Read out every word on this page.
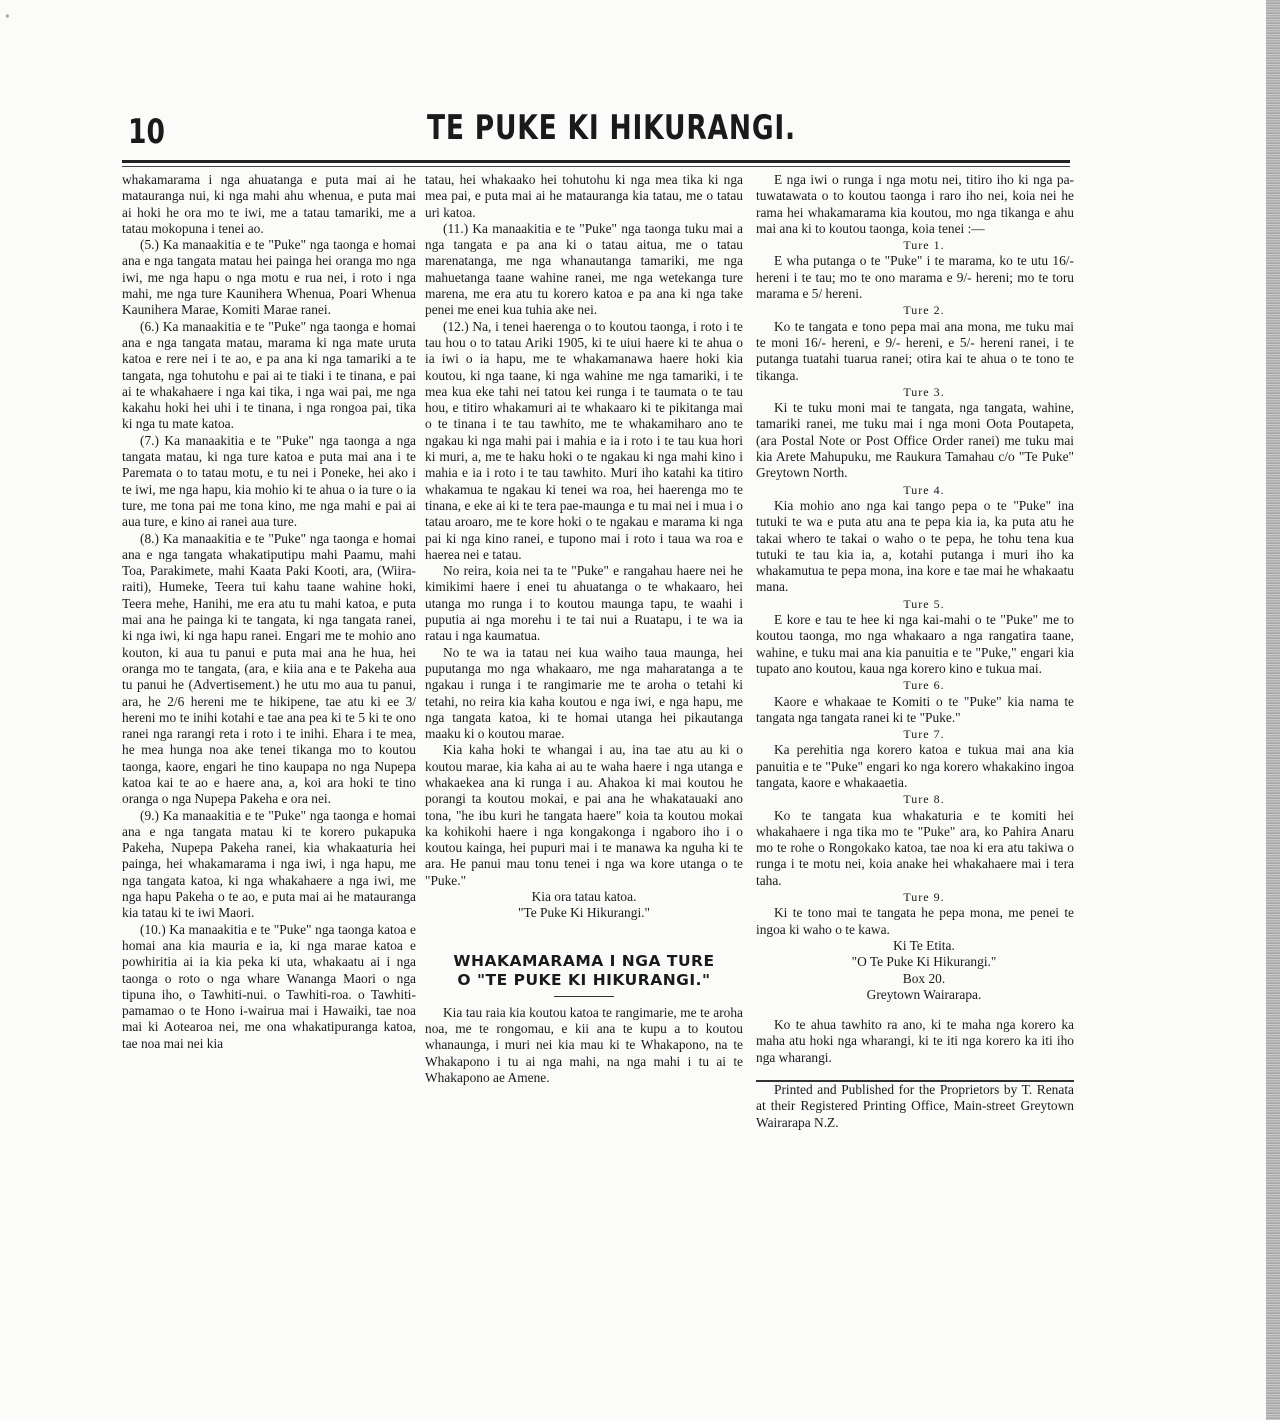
10	TE PUKE KI HIKURANGI.

whakamarama i nga ahuatanga e puta mai ai he matauranga nui, ki nga mahi ahu whenua, e puta mai ai hoki he ora mo te iwi, me a tatau tamariki, me a tatau mokopuna i tenei ao.

(5.) Ka manaakitia e te "Puke" nga taonga e homai ana e nga tangata matau hei painga hei oranga mo nga iwi, me nga hapu o nga motu e rua nei, i roto i nga mahi, me nga ture Kaunihera Whenua, Poari Whenua Kaunihera Marae, Komiti Marae ranei.

(6.) Ka manaakitia e te "Puke" nga taonga e homai ana e nga tangata matau, marama ki nga mate uruta katoa e rere nei i te ao, e pa ana ki nga tamariki a te tangata, nga tohutohu e pai ai te tiaki i te tinana, e pai ai te whakahaere i nga kai tika, i nga wai pai, me nga kakahu hoki hei uhi i te tinana, i nga rongoa pai, tika ki nga tu mate katoa.

(7.) Ka manaakitia e te "Puke" nga taonga a nga tangata matau, ki nga ture katoa e puta mai ana i te Paremata o to tatau motu, e tu nei i Poneke, hei ako i te iwi, me nga hapu, kia mohio ki te ahua o ia ture o ia ture, me tona pai me tona kino, me nga mahi e pai ai aua ture, e kino ai ranei aua ture.

(8.) Ka manaakitia e te "Puke" nga taonga e homai ana e nga tangata whakatiputipu mahi Paamu, mahi Toa, Parakimete, mahi Kaata Paki Kooti, ara, (Wiira-raiti), Humeke, Teera tui kahu taane wahine hoki, Teera mehe, Hanihi, me era atu tu mahi katoa, e puta mai ana he painga ki te tangata, ki nga tangata ranei, ki nga iwi, ki nga hapu ranei. Engari me te mohio ano kouton, ki aua tu panui e puta mai ana he hua, hei oranga mo te tangata, (ara, e kiia ana e te Pakeha aua tu panui he (Advertisement.) he utu mo aua tu panui, ara, he 2/6 hereni me te hikipene, tae atu ki ee 3/ hereni mo te inihi kotahi e tae ana pea ki te 5 ki te ono ranei nga rarangi reta i roto i te inihi. Ehara i te mea, he mea hunga noa ake tenei tikanga mo to koutou taonga, kaore, engari he tino kaupapa no nga Nupepa katoa kai te ao e haere ana, a, koi ara hoki te tino oranga o nga Nupepa Pakeha e ora nei.

(9.) Ka manaakitia e te "Puke" nga taonga e homai ana e nga tangata matau ki te korero pukapuka Pakeha, Nupepa Pakeha ranei, kia whakaaturia hei painga, hei whakamarama i nga iwi, i nga hapu, me nga tangata katoa, ki nga whakahaere a nga iwi, me nga hapu Pakeha o te ao, e puta mai ai he matauranga kia tatau ki te iwi Maori.

(10.) Ka manaakitia e te "Puke" nga taonga katoa e homai ana kia mauria e ia, ki nga marae katoa e powhiritia ai ia kia peka ki uta, whakaatu ai i nga taonga o roto o nga whare Wananga Maori o nga tipuna iho, o Tawhiti-nui. o Tawhiti-roa. o Tawhiti-pamamao o te Hono i-wairua mai i Hawaiki, tae noa mai ki Aotearoa nei, me ona whakatipuranga katoa, tae noa mai nei kia

tatau, hei whakaako hei tohutohu ki nga mea tika ki nga mea pai, e puta mai ai he matauranga kia tatau, me o tatau uri katoa.

(11.) Ka manaakitia e te "Puke" nga taonga tuku mai a nga tangata e pa ana ki o tatau aitua, me o tatau marenatanga, me nga whanautanga tamariki, me nga mahuetanga taane wahine ranei, me nga wetekanga ture marena, me era atu tu korero katoa e pa ana ki nga take penei me enei kua tuhia ake nei.

(12.) Na, i tenei haerenga o to koutou taonga, i roto i te tau hou o to tatau Ariki 1905, ki te uiui haere ki te ahua o ia iwi o ia hapu, me te whakamanawa haere hoki kia koutou, ki nga taane, ki nga wahine me nga tamariki, i te mea kua eke tahi nei tatou kei runga i te taumata o te tau hou, e titiro whakamuri ai te whakaaro ki te pikitanga mai o te tinana i te tau tawhito, me te whakamiharo ano te ngakau ki nga mahi pai i mahia e ia i roto i te tau kua hori ki muri, a, me te haku hoki o te ngakau ki nga mahi kino i mahia e ia i roto i te tau tawhito. Muri iho katahi ka titiro whakamua te ngakau ki tenei wa roa, hei haerenga mo te tinana, e eke ai ki te tera pae-maunga e tu mai nei i mua i o tatau aroaro, me te kore hoki o te ngakau e marama ki nga pai ki nga kino ranei, e tupono mai i roto i taua wa roa e haerea nei e tatau.

No reira, koia nei ta te "Puke" e rangahau haere nei he kimikimi haere i enei tu ahuatanga o te whakaaro, hei utanga mo runga i to koutou maunga tapu, te waahi i puputia ai nga morehu i te tai nui a Ruatapu, i te wa ia ratau i nga kaumatua.

No te wa ia tatau nei kua waiho taua maunga, hei puputanga mo nga whakaaro, me nga maharatanga a te ngakau i runga i te rangimarie me te aroha o tetahi ki tetahi, no reira kia kaha koutou e nga iwi, e nga hapu, me nga tangata katoa, ki te homai utanga hei pikautanga maaku ki o koutou marae.

Kia kaha hoki te whangai i au, ina tae atu au ki o koutou marae, kia kaha ai au te waha haere i nga utanga e whakaekea ana ki runga i au. Ahakoa ki mai koutou he porangi ta koutou mokai, e pai ana he whakatauaki ano tona, "he ibu kuri he tangata haere" koia ta koutou mokai ka kohikohi haere i nga kongakonga i ngaboro iho i o koutou kainga, hei pupuri mai i te manawa ka nguha ki te ara. He panui mau tonu tenei i nga wa kore utanga o te "Puke."

Kia ora tatau katoa.

"Te Puke Ki Hikurangi."

WHAKAMARAMA I NGA TURE
O "TE PUKE KI HIKURANGI."

Kia tau raia kia koutou katoa te rangimarie, me te aroha noa, me te rongomau, e kii ana te kupu a to koutou whanaunga, i muri nei kia mau ki te Whakapono, na te Whakapono i tu ai nga mahi, na nga mahi i tu ai te Whakapono ae Amene.

E nga iwi o runga i nga motu nei, titiro iho ki nga pa-tuwatawata o to koutou taonga i raro iho nei, koia nei he rama hei whakamarama kia koutou, mo nga tikanga e ahu mai ana ki to koutou taonga, koia tenei :—

Ture 1.

E wha putanga o te "Puke" i te marama, ko te utu 16/- hereni i te tau; mo te ono marama e 9/- hereni; mo te toru marama e 5/ hereni.

Ture 2.

Ko te tangata e tono pepa mai ana mona, me tuku mai te moni 16/- hereni, e 9/- hereni, e 5/- hereni ranei, i te putanga tuatahi tuarua ranei; otira kai te ahua o te tono te tikanga.

Ture 3.

Ki te tuku moni mai te tangata, nga tangata, wahine, tamariki ranei, me tuku mai i nga moni Oota Poutapeta, (ara Postal Note or Post Office Order ranei) me tuku mai kia Arete Mahupuku, me Raukura Tamahau c/o "Te Puke" Greytown North.

Ture 4.

Kia mohio ano nga kai tango pepa o te "Puke" ina tutuki te wa e puta atu ana te pepa kia ia, ka puta atu he takai whero te takai o waho o te pepa, he tohu tena kua tutuki te tau kia ia, a, kotahi putanga i muri iho ka whakamutua te pepa mona, ina kore e tae mai he whakaatu mana.

Ture 5.

E kore e tau te hee ki nga kai-mahi o te "Puke" me to koutou taonga, mo nga whakaaro a nga rangatira taane, wahine, e tuku mai ana kia panuitia e te "Puke," engari kia tupato ano koutou, kaua nga korero kino e tukua mai.

Ture 6.

Kaore e whakaae te Komiti o te "Puke" kia nama te tangata nga tangata ranei ki te "Puke."

Ture 7.

Ka perehitia nga korero katoa e tukua mai ana kia panuitia e te "Puke" engari ko nga korero whakakino ingoa tangata, kaore e whakaaetia.

Ture 8.

Ko te tangata kua whakaturia e te komiti hei whakahaere i nga tika mo te "Puke" ara, ko Pahira Anaru mo te rohe o Rongokako katoa, tae noa ki era atu takiwa o runga i te motu nei, koia anake hei whakahaere mai i tera taha.

Ture 9.

Ki te tono mai te tangata he pepa mona, me penei te ingoa ki waho o te kawa.

Ki Te Etita.

"O Te Puke Ki Hikurangi."

Box 20.

Greytown Wairarapa.

Ko te ahua tawhito ra ano, ki te maha nga korero ka maha atu hoki nga wharangi, ki te iti nga korero ka iti iho nga wharangi.

Printed and Published for the Proprietors by T. Renata at their Registered Printing Office, Main-street Greytown Wairarapa N.Z.
